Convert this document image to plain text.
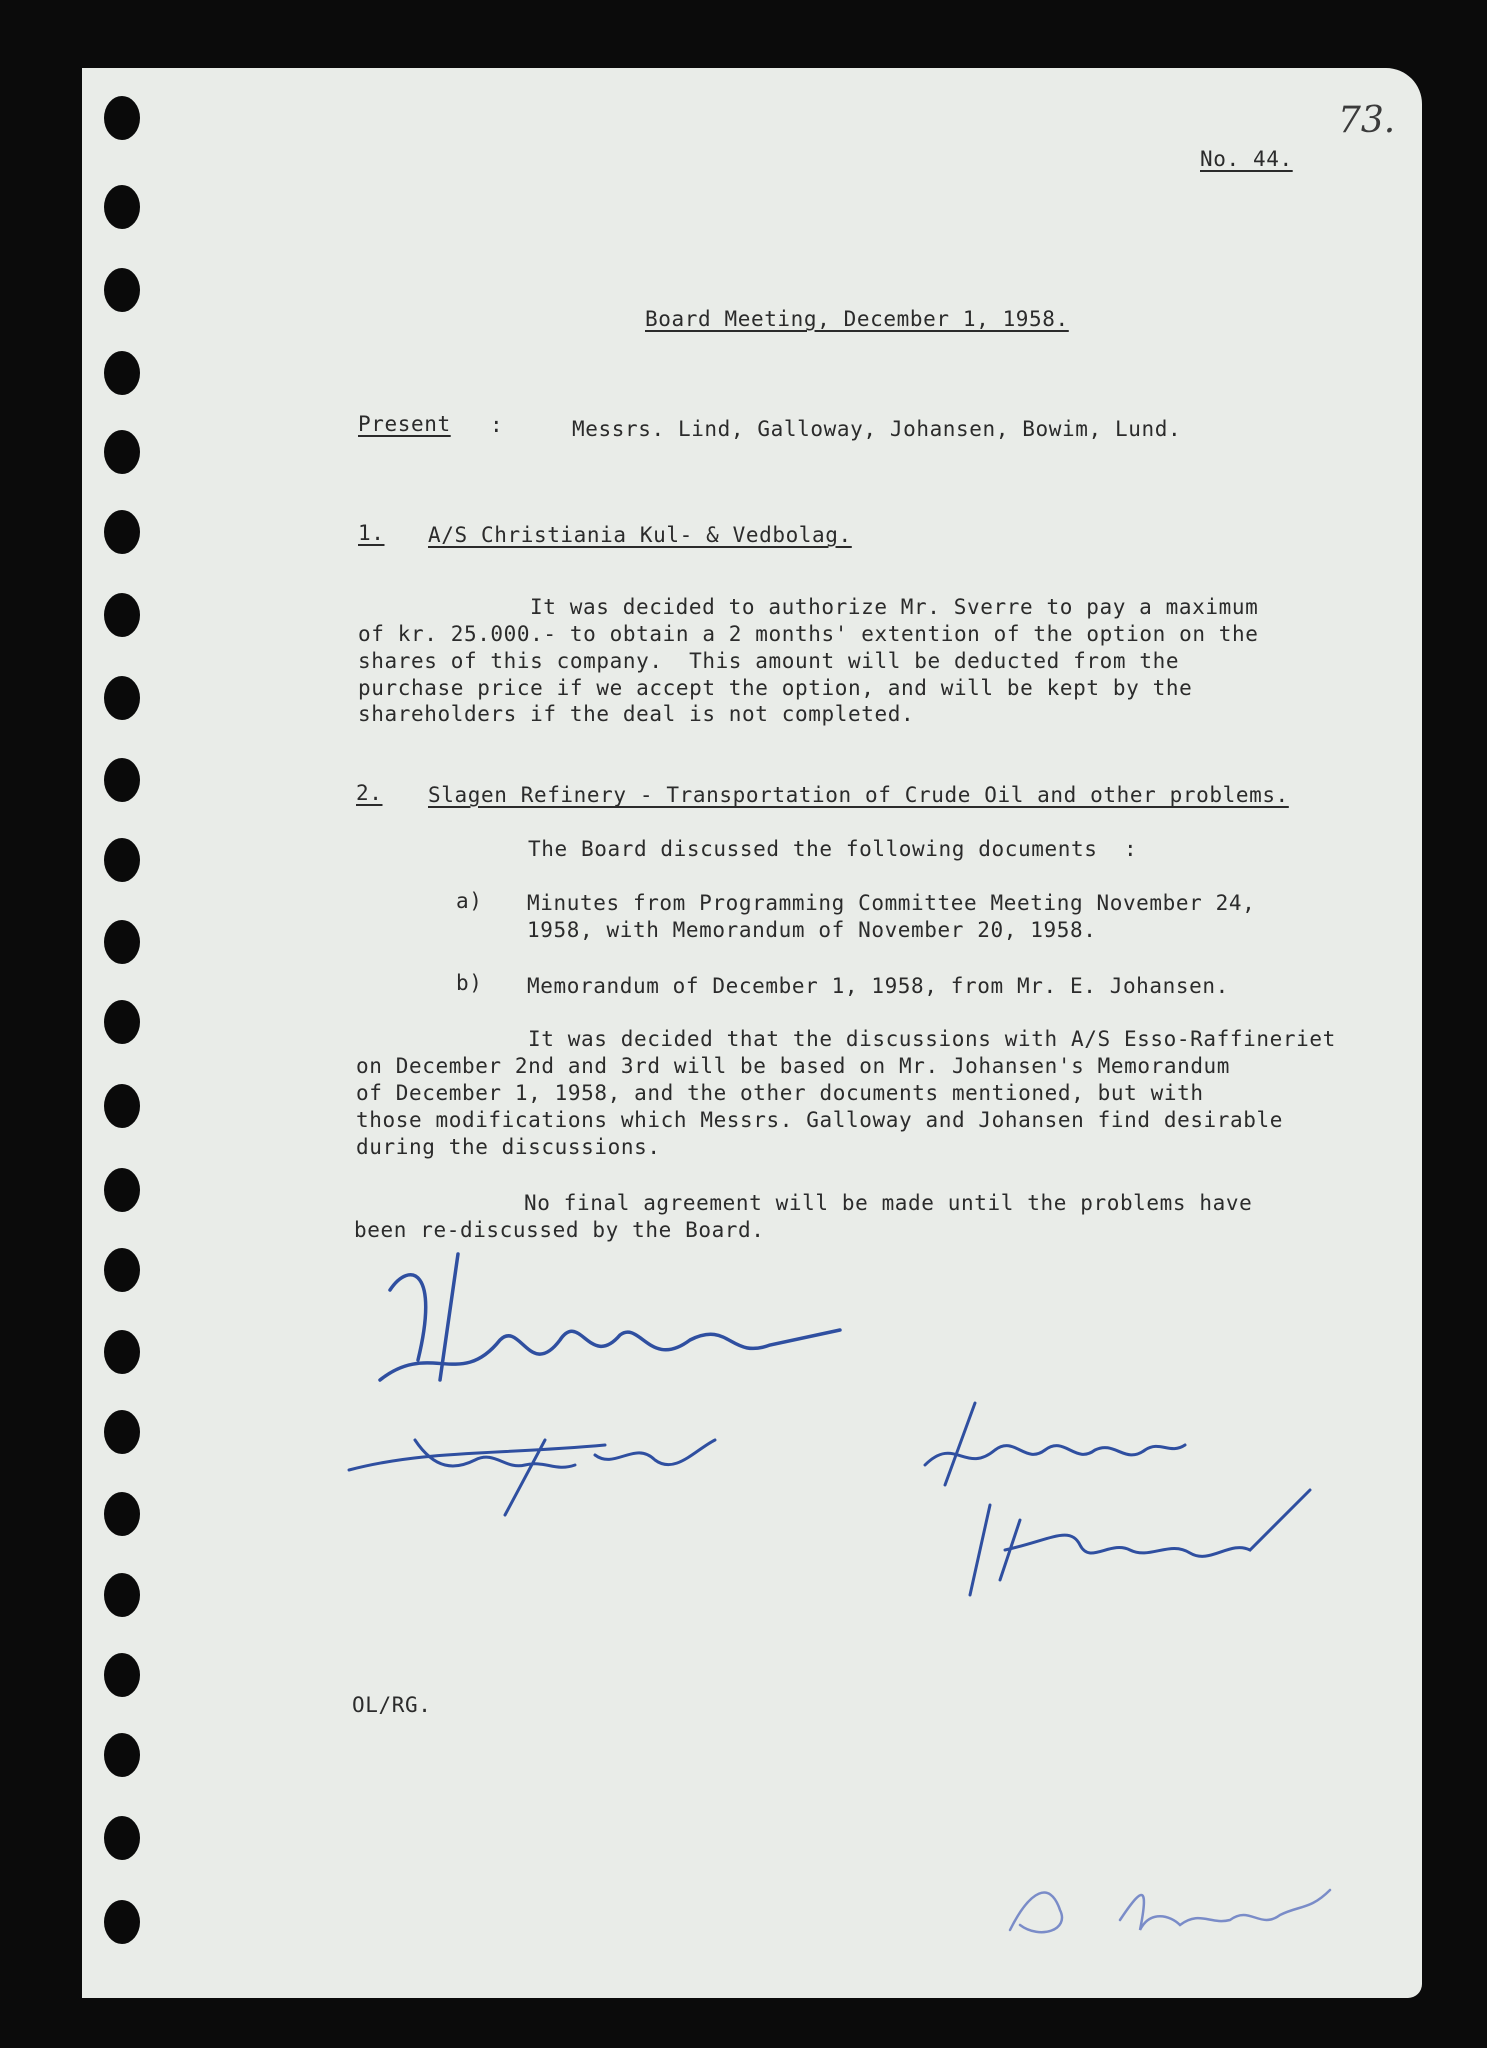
73.
No. 44.
Board Meeting, December 1, 1958.
Present :	Messrs. Lind, Galloway, Johansen, Bowim, Lund.
1. A/S Christiania Kul- & Vedbolag.
It was decided to authorize Mr. Sverre to pay a maximum
of kr. 25.000.- to obtain a 2 months' extention of the option on the
shares of this company.  This amount will be deducted from the
purchase price if we accept the option, and will be kept by the
shareholders if the deal is not completed.
2. Slagen Refinery - Transportation of Crude Oil and other problems.
The Board discussed the following documents  :
a) Minutes from Programming Committee Meeting November 24,
1958, with Memorandum of November 20, 1958.
b) Memorandum of December 1, 1958, from Mr. E. Johansen.
It was decided that the discussions with A/S Esso-Raffineriet
on December 2nd and 3rd will be based on Mr. Johansen's Memorandum
of December 1, 1958, and the other documents mentioned, but with
those modifications which Messrs. Galloway and Johansen find desirable
during the discussions.
No final agreement will be made until the problems have
been re-discussed by the Board.
OL/RG.
